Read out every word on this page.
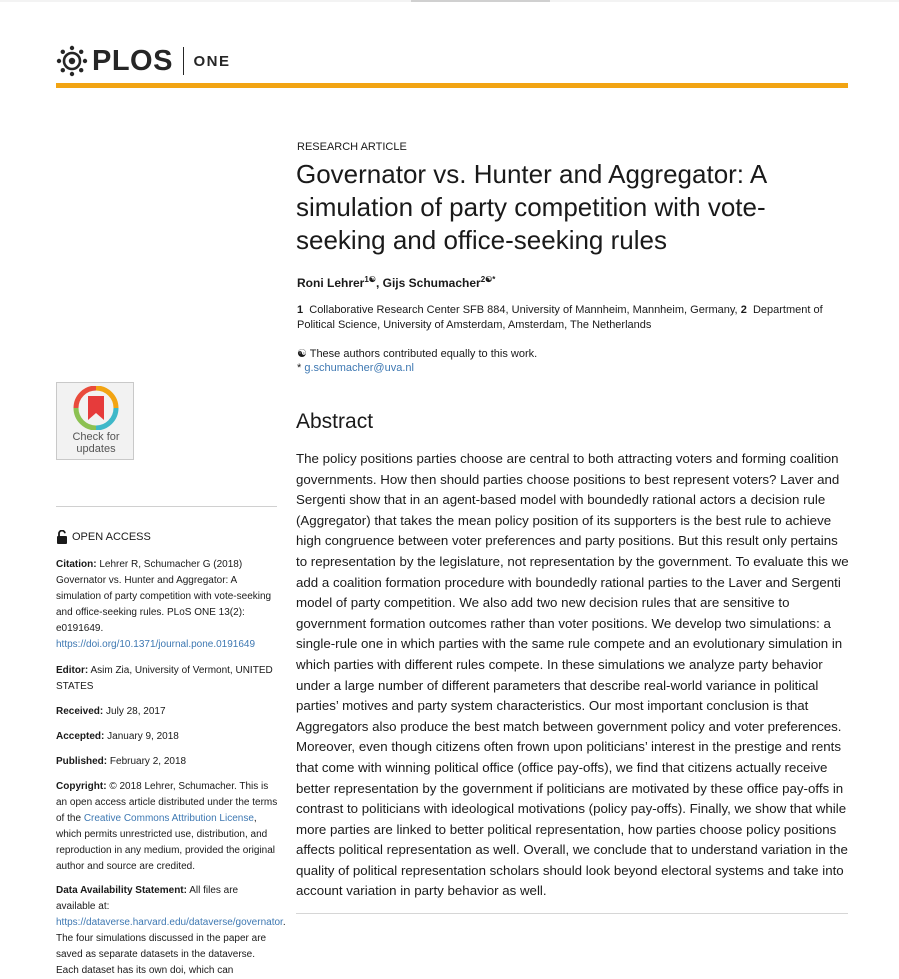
PLOS ONE
RESEARCH ARTICLE
Governator vs. Hunter and Aggregator: A simulation of party competition with vote-seeking and office-seeking rules
Roni Lehrer$^{1☯}$, Gijs Schumacher$^{2☯*}$
1 Collaborative Research Center SFB 884, University of Mannheim, Mannheim, Germany, 2 Department of Political Science, University of Amsterdam, Amsterdam, The Netherlands
☯ These authors contributed equally to this work.
* g.schumacher@uva.nl
Abstract

The policy positions parties choose are central to both attracting voters and forming coalition governments. How then should parties choose positions to best represent voters? Laver and Sergenti show that in an agent-based model with boundedly rational actors a decision rule (Aggregator) that takes the mean policy position of its supporters is the best rule to achieve high congruence between voter preferences and party positions. But this result only pertains to representation by the legislature, not representation by the government. To evaluate this we add a coalition formation procedure with boundedly rational parties to the Laver and Sergenti model of party competition. We also add two new decision rules that are sensitive to government formation outcomes rather than voter positions. We develop two simulations: a single-rule one in which parties with the same rule compete and an evolutionary simulation in which parties with different rules compete. In these simulations we analyze party behavior under a large number of different parameters that describe real-world variance in political parties’ motives and party system characteristics. Our most important conclusion is that Aggregators also produce the best match between government policy and voter preferences. Moreover, even though citizens often frown upon politicians’ interest in the prestige and rents that come with winning political office (office pay-offs), we find that citizens actually receive better representation by the government if politicians are motivated by these office pay-offs in contrast to politicians with ideological motivations (policy pay-offs). Finally, we show that while more parties are linked to better political representation, how parties choose policy positions affects political representation as well. Overall, we conclude that to understand variation in the quality of political representation scholars should look beyond electoral systems and take into account variation in party behavior as well.

Check for
updates
OPEN ACCESS
Citation: Lehrer R, Schumacher G (2018) Governator vs. Hunter and Aggregator: A simulation of party competition with vote-seeking and office-seeking rules. PLoS ONE 13(2): e0191649. https://doi.org/10.1371/journal.pone.0191649
Editor: Asim Zia, University of Vermont, UNITED STATES
Received: July 28, 2017
Accepted: January 9, 2018
Published: February 2, 2018
Copyright: © 2018 Lehrer, Schumacher. This is an open access article distributed under the terms of the Creative Commons Attribution License, which permits unrestricted use, distribution, and reproduction in any medium, provided the original author and source are credited.
Data Availability Statement: All files are available at: https://dataverse.harvard.edu/dataverse/governator. The four simulations discussed in the paper are saved as separate datasets in the dataverse. Each dataset has its own doi, which can
